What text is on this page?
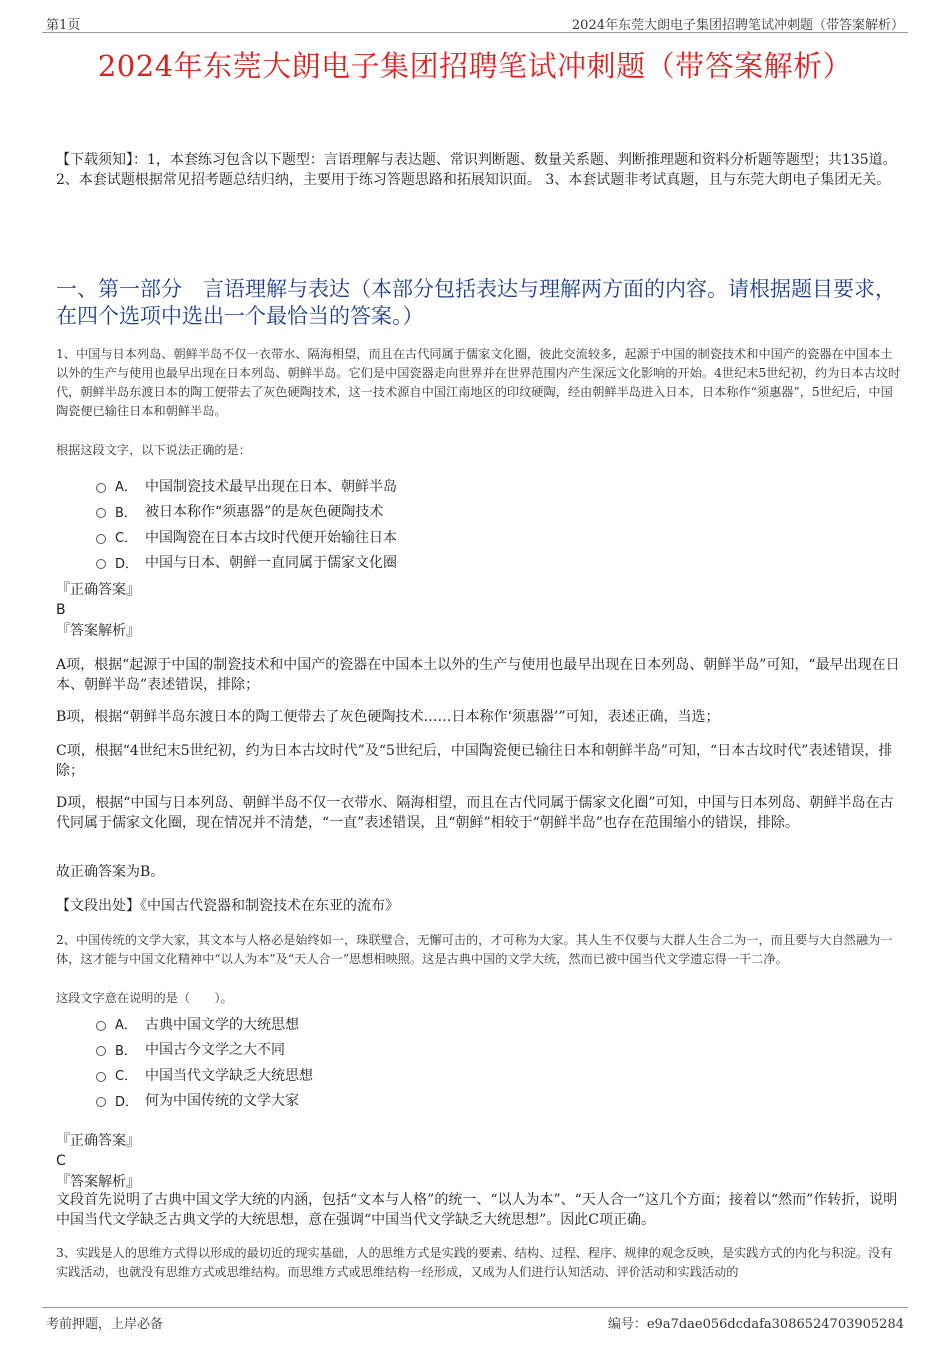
第1页	2024年东莞大朗电子集团招聘笔试冲刺题（带答案解析）
2024年东莞大朗电子集团招聘笔试冲刺题（带答案解析）
【下载须知】：1，本套练习包含以下题型：言语理解与表达题、常识判断题、数量关系题、判断推理题和资料分析题等题型；共135道。 2、本套试题根据常见招考题总结归纳，主要用于练习答题思路和拓展知识面。 3、本套试题非考试真题，且与东莞大朗电子集团无关。
一、第一部分　言语理解与表达（本部分包括表达与理解两方面的内容。请根据题目要求，在四个选项中选出一个最恰当的答案。）
1、中国与日本列岛、朝鲜半岛不仅一衣带水、隔海相望，而且在古代同属于儒家文化圈，彼此交流较多，起源于中国的制瓷技术和中国产的瓷器在中国本土以外的生产与使用也最早出现在日本列岛、朝鲜半岛。它们是中国瓷器走向世界并在世界范围内产生深远文化影响的开始。4世纪末5世纪初，约为日本古坟时代，朝鲜半岛东渡日本的陶工便带去了灰色硬陶技术，这一技术源自中国江南地区的印纹硬陶，经由朝鲜半岛进入日本，日本称作“须惠器”，5世纪后，中国陶瓷便已输往日本和朝鲜半岛。
根据这段文字，以下说法正确的是：
A． 中国制瓷技术最早出现在日本、朝鲜半岛
B． 被日本称作“须惠器”的是灰色硬陶技术
C． 中国陶瓷在日本古坟时代便开始输往日本
D． 中国与日本、朝鲜一直同属于儒家文化圈
『正确答案』
B
『答案解析』
A项，根据“起源于中国的制瓷技术和中国产的瓷器在中国本土以外的生产与使用也最早出现在日本列岛、朝鲜半岛”可知，“最早出现在日本、朝鲜半岛”表述错误，排除；
B项，根据“朝鲜半岛东渡日本的陶工便带去了灰色硬陶技术……日本称作‘须惠器’”可知，表述正确，当选；
C项，根据“4世纪末5世纪初，约为日本古坟时代”及“5世纪后，中国陶瓷便已输往日本和朝鲜半岛”可知，“日本古坟时代”表述错误，排除；
D项，根据“中国与日本列岛、朝鲜半岛不仅一衣带水、隔海相望，而且在古代同属于儒家文化圈”可知，中国与日本列岛、朝鲜半岛在古代同属于儒家文化圈，现在情况并不清楚，“一直”表述错误，且“朝鲜”相较于“朝鲜半岛”也存在范围缩小的错误，排除。
故正确答案为B。
【文段出处】《中国古代瓷器和制瓷技术在东亚的流布》
2、中国传统的文学大家，其文本与人格必是始终如一，珠联璧合，无懈可击的，才可称为大家。其人生不仅要与大群人生合二为一，而且要与大自然融为一体，这才能与中国文化精神中“以人为本”及“天人合一”思想相映照。这是古典中国的文学大统，然而已被中国当代文学遗忘得一干二净。
这段文字意在说明的是（　　）。
A． 古典中国文学的大统思想
B． 中国古今文学之大不同
C． 中国当代文学缺乏大统思想
D． 何为中国传统的文学大家
『正确答案』
C
『答案解析』
文段首先说明了古典中国文学大统的内涵，包括“文本与人格”的统一、“以人为本”、“天人合一”这几个方面；接着以“然而”作转折，说明中国当代文学缺乏古典文学的大统思想，意在强调“中国当代文学缺乏大统思想”。因此C项正确。
3、实践是人的思维方式得以形成的最切近的现实基础，人的思维方式是实践的要素、结构、过程、程序、规律的观念反映，是实践方式的内化与积淀。没有实践活动，也就没有思维方式或思维结构。而思维方式或思维结构一经形成，又成为人们进行认知活动、评价活动和实践活动的
考前押题，上岸必备	编号：e9a7dae056dcdafa3086524703905284
